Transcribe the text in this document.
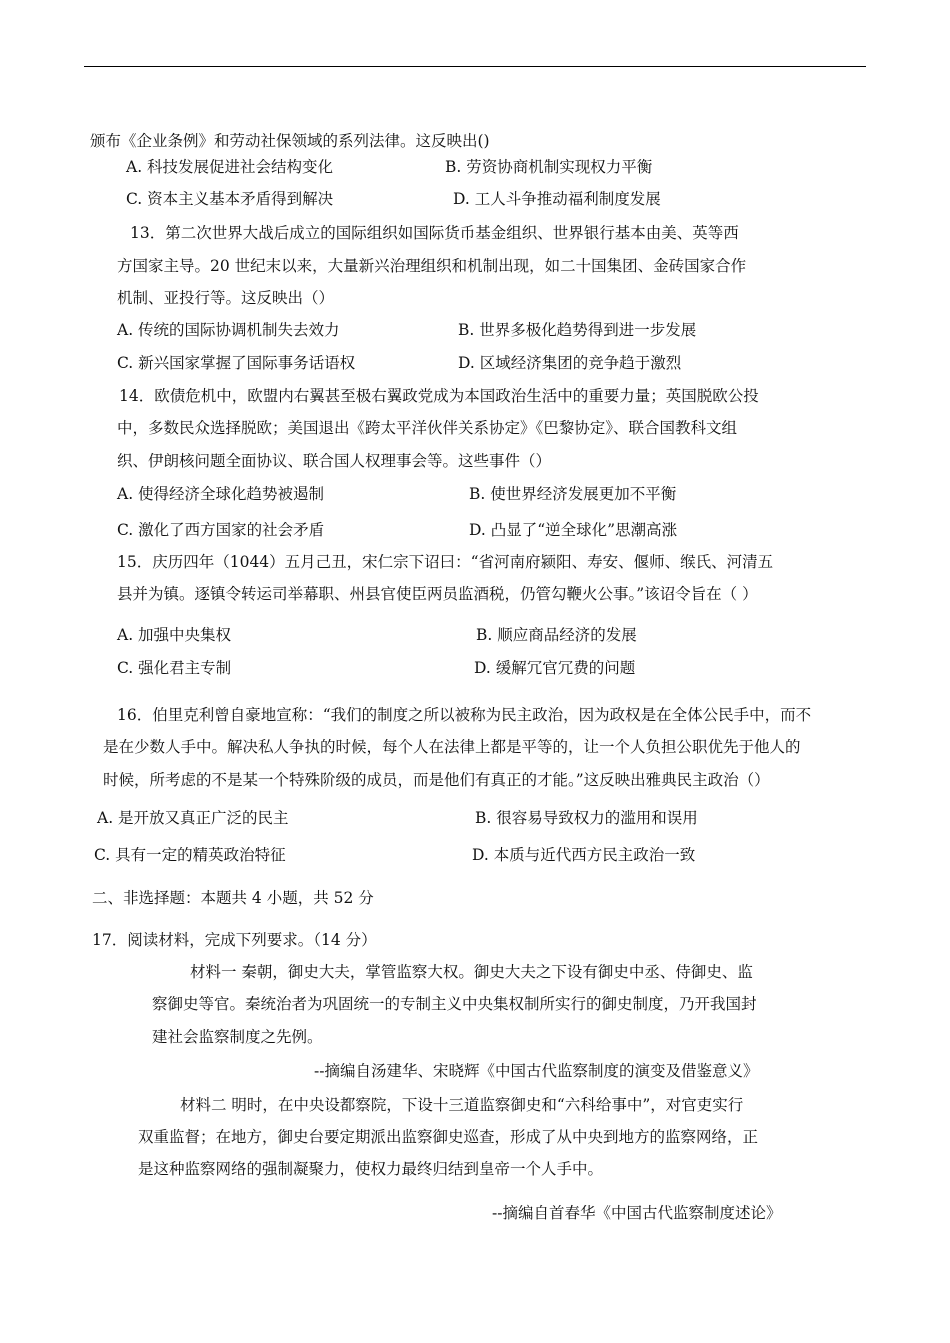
颁布《企业条例》和劳动社保领域的系列法律。这反映出()
A. 科技发展促进社会结构变化	B. 劳资协商机制实现权力平衡
C. 资本主义基本矛盾得到解决	D. 工人斗争推动福利制度发展
13．第二次世界大战后成立的国际组织如国际货币基金组织、世界银行基本由美、英等西
方国家主导。20 世纪末以来，大量新兴治理组织和机制出现，如二十国集团、金砖国家合作
机制、亚投行等。这反映出（）
A. 传统的国际协调机制失去效力	B. 世界多极化趋势得到进一步发展
C. 新兴国家掌握了国际事务话语权	D. 区域经济集团的竞争趋于激烈
14．欧债危机中，欧盟内右翼甚至极右翼政党成为本国政治生活中的重要力量；英国脱欧公投
中，多数民众选择脱欧；美国退出《跨太平洋伙伴关系协定》《巴黎协定》、联合国教科文组
织、伊朗核问题全面协议、联合国人权理事会等。这些事件（）
A. 使得经济全球化趋势被遏制	B. 使世界经济发展更加不平衡
C. 激化了西方国家的社会矛盾	D. 凸显了“逆全球化”思潮高涨
15．庆历四年（1044）五月己丑，宋仁宗下诏曰：“省河南府颍阳、寿安、偃师、缑氏、河清五
县并为镇。逐镇令转运司举幕职、州县官使臣两员监酒税，仍管勾鞭火公事。”该诏令旨在（ ）
A. 加强中央集权	B. 顺应商品经济的发展
C. 强化君主专制	D. 缓解冗官冗费的问题
16．伯里克利曾自豪地宣称：“我们的制度之所以被称为民主政治，因为政权是在全体公民手中，而不
是在少数人手中。解决私人争执的时候，每个人在法律上都是平等的，让一个人负担公职优先于他人的
时候，所考虑的不是某一个特殊阶级的成员，而是他们有真正的才能。”这反映出雅典民主政治（）
A. 是开放又真正广泛的民主	B. 很容易导致权力的滥用和误用
C. 具有一定的精英政治特征	D. 本质与近代西方民主政治一致
二、非选择题：本题共 4 小题，共 52 分
17．阅读材料，完成下列要求。（14 分）
材料一 秦朝，御史大夫，掌管监察大权。御史大夫之下设有御史中丞、侍御史、监
察御史等官。秦统治者为巩固统一的专制主义中央集权制所实行的御史制度，乃开我国封
建社会监察制度之先例。
--摘编自汤建华、宋晓辉《中国古代监察制度的演变及借鉴意义》
材料二 明时，在中央设都察院，下设十三道监察御史和“六科给事中”，对官吏实行
双重监督；在地方，御史台要定期派出监察御史巡查，形成了从中央到地方的监察网络，正
是这种监察网络的强制凝聚力，使权力最终归结到皇帝一个人手中。
--摘编自首春华《中国古代监察制度述论》
